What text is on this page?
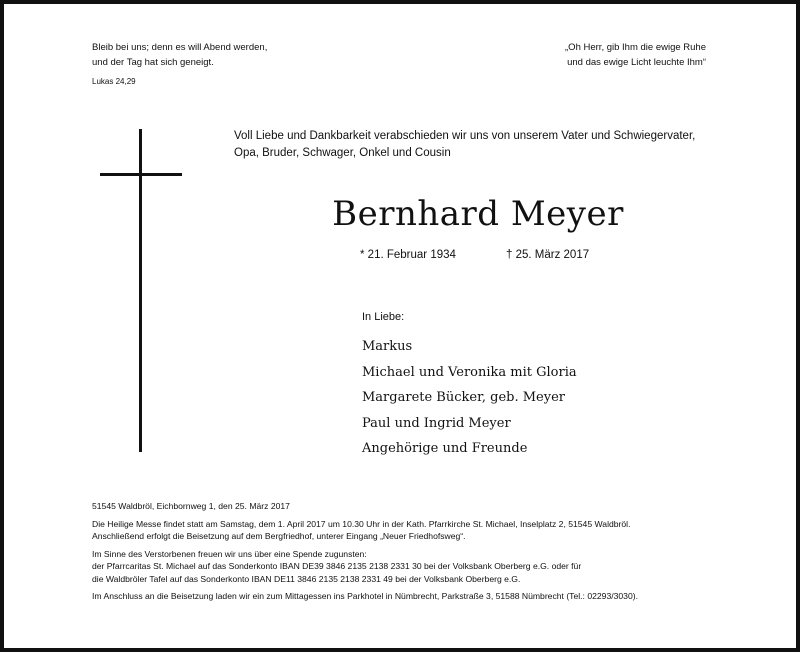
Bleib bei uns; denn es will Abend werden,
und der Tag hat sich geneigt.
Lukas 24,29
„Oh Herr, gib Ihm die ewige Ruhe
und das ewige Licht leuchte Ihm“
Voll Liebe und Dankbarkeit verabschieden wir uns von unserem Vater und Schwiegervater,
Opa, Bruder, Schwager, Onkel und Cousin
Bernhard Meyer
* 21. Februar 1934	† 25. März 2017
In Liebe:
Markus
Michael und Veronika mit Gloria
Margarete Bücker, geb. Meyer
Paul und Ingrid Meyer
Angehörige und Freunde
51545 Waldbröl, Eichbornweg 1, den 25. März 2017
Die Heilige Messe findet statt am Samstag, dem 1. April 2017 um 10.30 Uhr in der Kath. Pfarrkirche St. Michael, Inselplatz 2, 51545 Waldbröl.
Anschließend erfolgt die Beisetzung auf dem Bergfriedhof, unterer Eingang „Neuer Friedhofsweg“.
Im Sinne des Verstorbenen freuen wir uns über eine Spende zugunsten:
der Pfarrcaritas St. Michael auf das Sonderkonto IBAN DE39 3846 2135 2138 2331 30 bei der Volksbank Oberberg e.G. oder für
die Waldbröler Tafel auf das Sonderkonto IBAN DE11 3846 2135 2138 2331 49 bei der Volksbank Oberberg e.G.
Im Anschluss an die Beisetzung laden wir ein zum Mittagessen ins Parkhotel in Nümbrecht, Parkstraße 3, 51588 Nümbrecht (Tel.: 02293/3030).
